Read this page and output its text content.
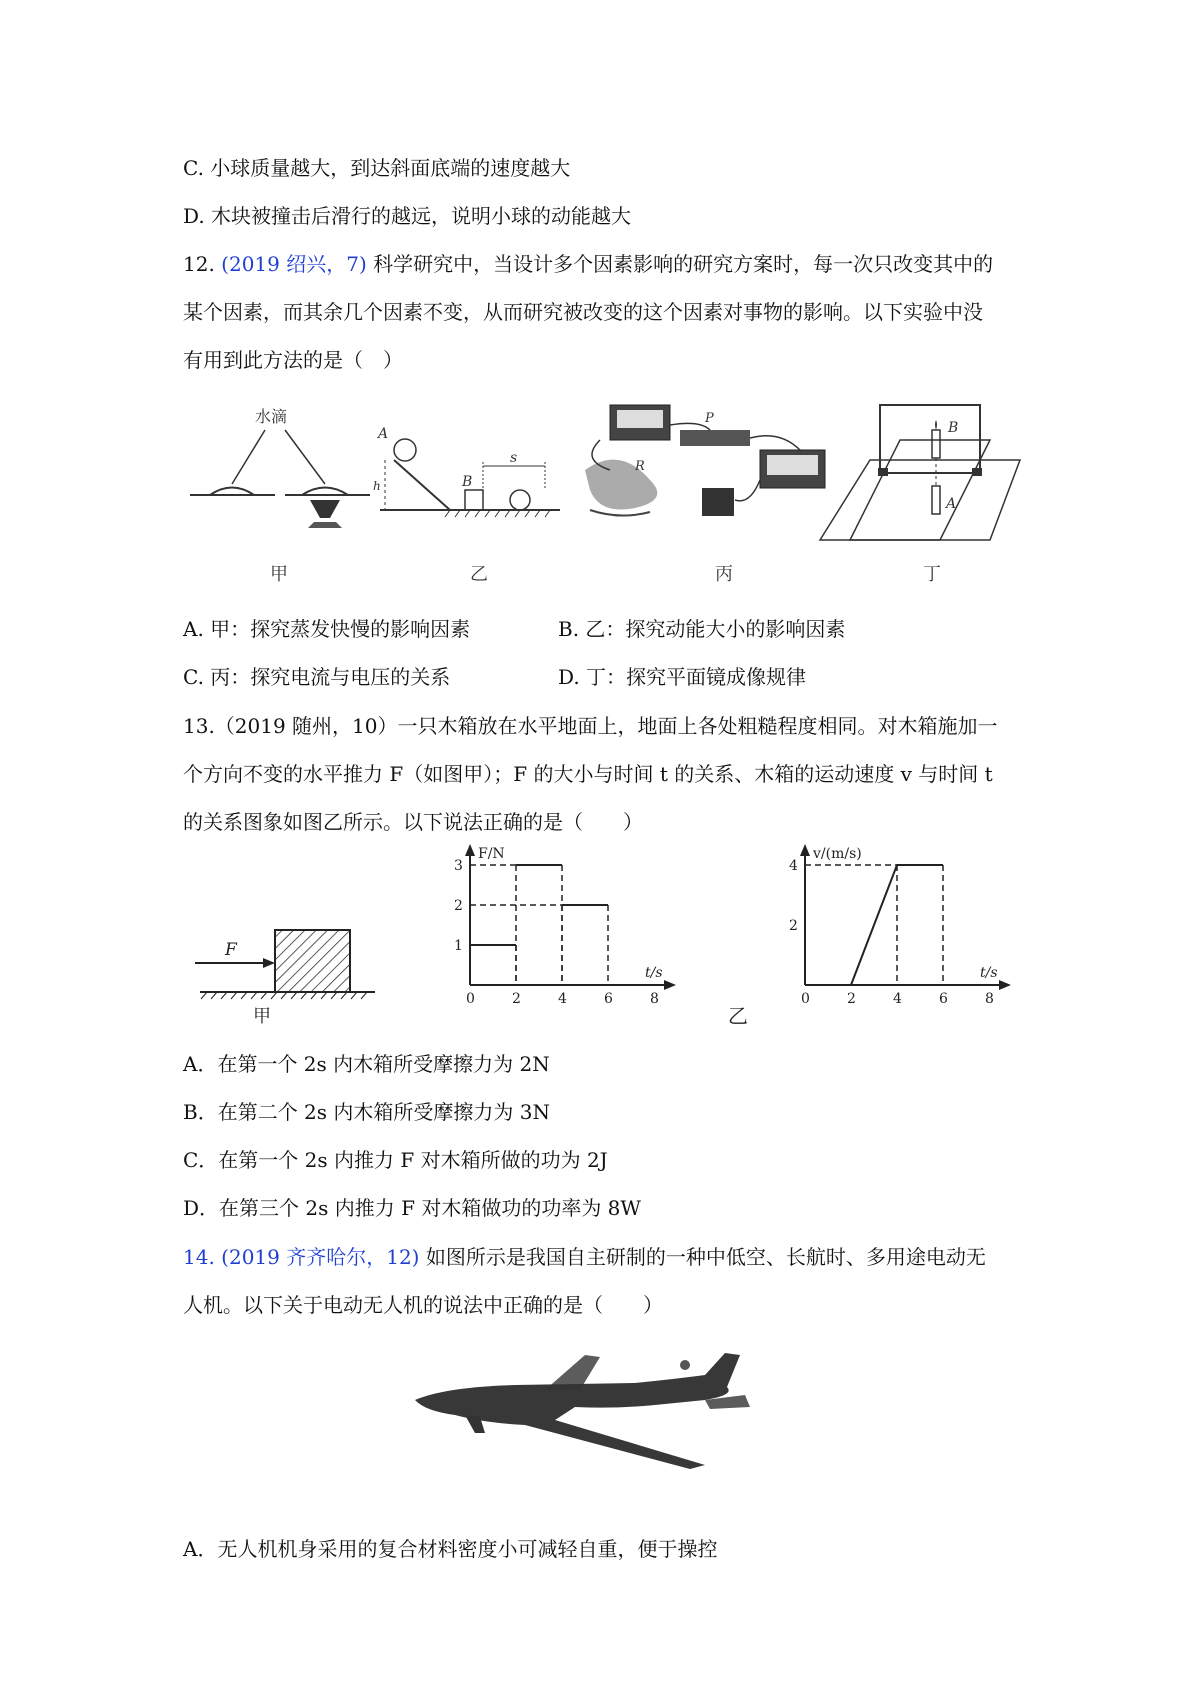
C. 小球质量越大，到达斜面底端的速度越大
D. 木块被撞击后滑行的越远，说明小球的动能越大
12. (2019 绍兴，7) 科学研究中，当设计多个因素影响的研究方案时，每一次只改变其中的
某个因素，而其余几个因素不变，从而研究被改变的这个因素对事物的影响。以下实验中没
有用到此方法的是（　）
水滴
A
h	B
s
P
R
B
A
甲	乙	丙	丁
A. 甲：探究蒸发快慢的影响因素	B. 乙：探究动能大小的影响因素
C. 丙：探究电流与电压的关系	D. 丁：探究平面镜成像规律
13.（2019 随州，10）一只木箱放在水平地面上，地面上各处粗糙程度相同。对木箱施加一
个方向不变的水平推力 F（如图甲）；F 的大小与时间 t 的关系、木箱的运动速度 v 与时间 t
的关系图象如图乙所示。以下说法正确的是（　　）
F
甲
F/N
t/s
0	2	4	6	8
1
2
3
乙
v/(m/s)
t/s
0	2	4	6	8
2
4
A．在第一个 2s 内木箱所受摩擦力为 2N
B．在第二个 2s 内木箱所受摩擦力为 3N
C．在第一个 2s 内推力 F 对木箱所做的功为 2J
D．在第三个 2s 内推力 F 对木箱做功的功率为 8W
14. (2019 齐齐哈尔，12) 如图所示是我国自主研制的一种中低空、长航时、多用途电动无
人机。以下关于电动无人机的说法中正确的是（　　）
A．无人机机身采用的复合材料密度小可减轻自重，便于操控
